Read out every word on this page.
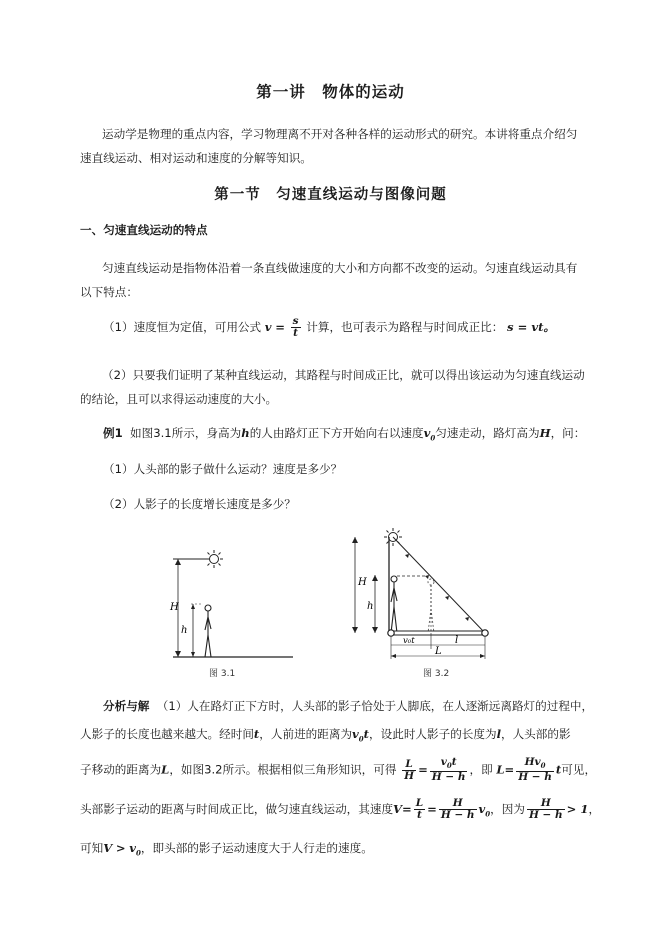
第一讲　物体的运动
运动学是物理的重点内容，学习物理离不开对各种各样的运动形式的研究。本讲将重点介绍匀
速直线运动、相对运动和速度的分解等知识。
第一节　匀速直线运动与图像问题
一、匀速直线运动的特点
匀速直线运动是指物体沿着一条直线做速度的大小和方向都不改变的运动。匀速直线运动具有
以下特点：
（1）速度恒为定值，可用公式 $v = \frac{s}{t}$ 计算，也可表示为路程与时间成正比： s = vt。
（2）只要我们证明了某种直线运动，其路程与时间成正比，就可以得出该运动为匀速直线运动
的结论，且可以求得运动速度的大小。
例1 如图3.1所示，身高为h的人由路灯正下方开始向右以速度$v_0$匀速走动，路灯高为H，问：
（1）人头部的影子做什么运动？速度是多少？
（2）人影子的长度增长速度是多少？
H
h
图 3.1
H
h
v₀t	l
L
图 3.2
分析与解 （1）人在路灯正下方时，人头部的影子恰处于人脚底，在人逐渐远离路灯的过程中，
人影子的长度也越来越大。经时间t，人前进的距离为$v_0t$，设此时人影子的长度为l，人头部的影
子移动的距离为L，如图3.2所示。根据相似三角形知识，可得 $\frac{L}{H} = \frac{v_0t}{H - h}$ ，即 $L= \frac{Hv_0}{H - h}$ t可见，
头部影子运动的距离与时间成正比，做匀速直线运动，其速度$V= \frac{L}{t} = \frac{H}{H - h} v_0$，因为 $\frac{H}{H - h} > 1$，
可知$V > v_0$，即头部的影子运动速度大于人行走的速度。
